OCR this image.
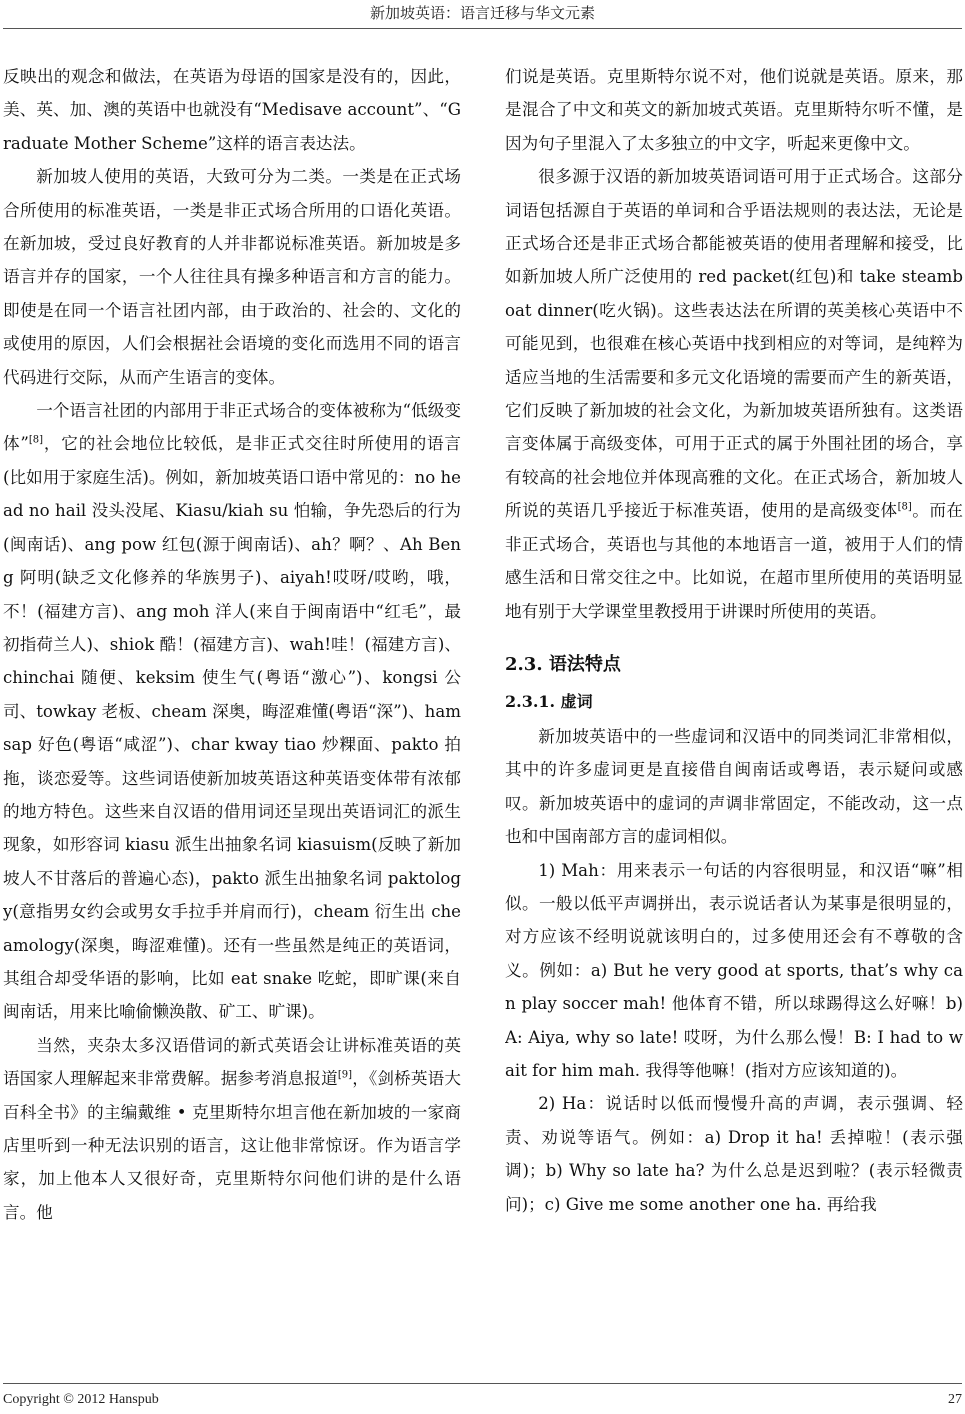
新加坡英语：语言迁移与华文元素

反映出的观念和做法，在英语为母语的国家是没有的，因此，美、英、加、澳的英语中也就没有“Medisave account”、“Graduate Mother Scheme”这样的语言表达法。

新加坡人使用的英语，大致可分为二类。一类是在正式场合所使用的标准英语，一类是非正式场合所用的口语化英语。在新加坡，受过良好教育的人并非都说标准英语。新加坡是多语言并存的国家，一个人往往具有操多种语言和方言的能力。即使是在同一个语言社团内部，由于政治的、社会的、文化的或使用的原因，人们会根据社会语境的变化而选用不同的语言代码进行交际，从而产生语言的变体。

一个语言社团的内部用于非正式场合的变体被称为“低级变体”[8]，它的社会地位比较低，是非正式交往时所使用的语言(比如用于家庭生活)。例如，新加坡英语口语中常见的：no head no hail 没头没尾、Kiasu/kiah su 怕输，争先恐后的行为(闽南话)、ang pow 红包(源于闽南话)、ah？啊？、Ah Beng 阿明(缺乏文化修养的华族男子)、aiyah!哎呀/哎哟，哦，不！(福建方言)、ang moh 洋人(来自于闽南语中“红毛”，最初指荷兰人)、shiok 酷！(福建方言)、wah!哇！(福建方言)、chinchai 随便、keksim 使生气(粤语“激心”)、kongsi 公司、towkay 老板、cheam 深奥，晦涩难懂(粤语“深”)、hamsap 好色(粤语“咸涩”)、char kway tiao 炒粿面、pakto 拍拖，谈恋爱等。这些词语使新加坡英语这种英语变体带有浓郁的地方特色。这些来自汉语的借用词还呈现出英语词汇的派生现象，如形容词 kiasu 派生出抽象名词 kiasuism(反映了新加坡人不甘落后的普遍心态)，pakto 派生出抽象名词 paktology(意指男女约会或男女手拉手并肩而行)，cheam 衍生出 cheamology(深奥，晦涩难懂)。还有一些虽然是纯正的英语词，其组合却受华语的影响，比如 eat snake 吃蛇，即旷课(来自闽南话，用来比喻偷懒涣散、矿工、旷课)。

当然，夹杂太多汉语借词的新式英语会让讲标准英语的英语国家人理解起来非常费解。据参考消息报道[9]，《剑桥英语大百科全书》的主编戴维 • 克里斯特尔坦言他在新加坡的一家商店里听到一种无法识别的语言，这让他非常惊讶。作为语言学家，加上他本人又很好奇，克里斯特尔问他们讲的是什么语言。他

们说是英语。克里斯特尔说不对，他们说就是英语。原来，那是混合了中文和英文的新加坡式英语。克里斯特尔听不懂，是因为句子里混入了太多独立的中文字，听起来更像中文。

很多源于汉语的新加坡英语词语可用于正式场合。这部分词语包括源自于英语的单词和合乎语法规则的表达法，无论是正式场合还是非正式场合都能被英语的使用者理解和接受，比如新加坡人所广泛使用的 red packet(红包)和 take steamboat dinner(吃火锅)。这些表达法在所谓的英美核心英语中不可能见到，也很难在核心英语中找到相应的对等词，是纯粹为适应当地的生活需要和多元文化语境的需要而产生的新英语，它们反映了新加坡的社会文化，为新加坡英语所独有。这类语言变体属于高级变体，可用于正式的属于外围社团的场合，享有较高的社会地位并体现高雅的文化。在正式场合，新加坡人所说的英语几乎接近于标准英语，使用的是高级变体[8]。而在非正式场合，英语也与其他的本地语言一道，被用于人们的情感生活和日常交往之中。比如说，在超市里所使用的英语明显地有别于大学课堂里教授用于讲课时所使用的英语。

2.3. 语法特点
2.3.1. 虚词

新加坡英语中的一些虚词和汉语中的同类词汇非常相似，其中的许多虚词更是直接借自闽南话或粤语，表示疑问或感叹。新加坡英语中的虚词的声调非常固定，不能改动，这一点也和中国南部方言的虚词相似。

1) Mah：用来表示一句话的内容很明显，和汉语“嘛”相似。一般以低平声调拼出，表示说话者认为某事是很明显的，对方应该不经明说就该明白的，过多使用还会有不尊敬的含义。例如：a) But he very good at sports, that’s why can play soccer mah! 他体育不错，所以球踢得这么好嘛！b) A: Aiya, why so late! 哎呀，为什么那么慢！B: I had to wait for him mah. 我得等他嘛！(指对方应该知道的)。

2) Ha：说话时以低而慢慢升高的声调，表示强调、轻责、劝说等语气。例如：a) Drop it ha! 丢掉啦！(表示强调)；b) Why so late ha? 为什么总是迟到啦？(表示轻微责问)；c) Give me some another one ha. 再给我

Copyright © 2012 Hanspub	27
